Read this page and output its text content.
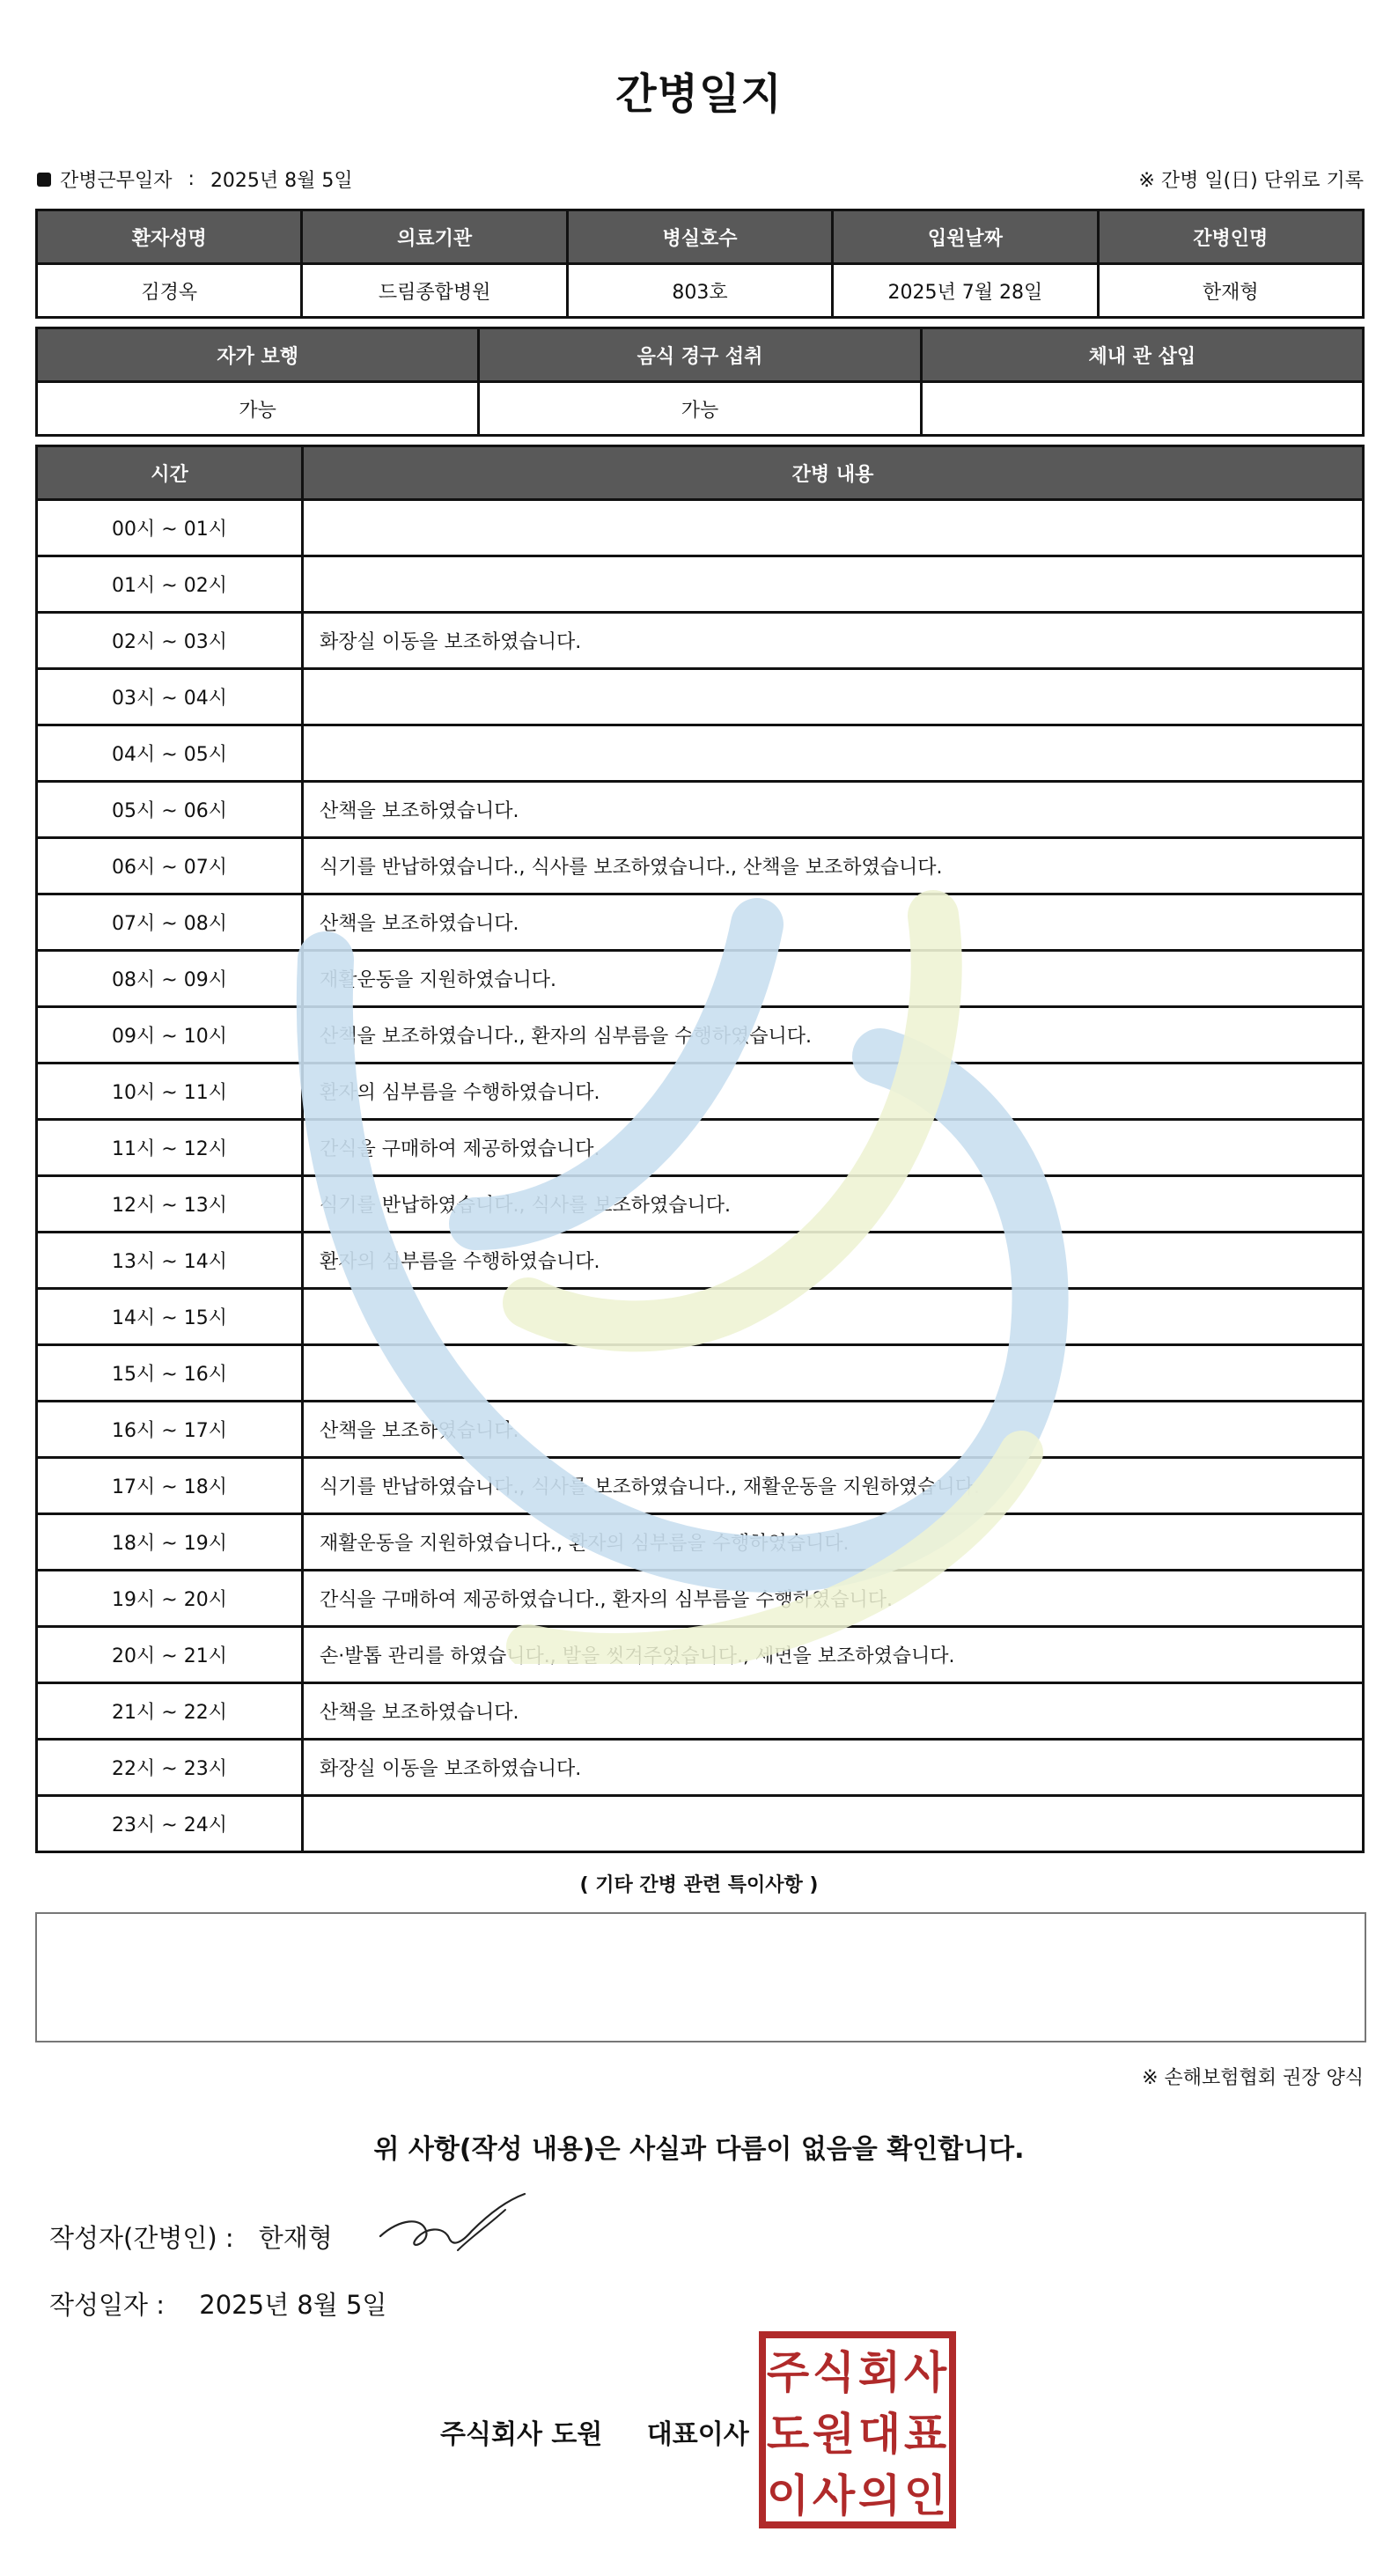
간병일지
간병근무일자 : 2025년 8월 5일	※ 간병 일(日) 단위로 기록
환자성명	의료기관	병실호수	입원날짜	간병인명
김경옥	드림종합병원	803호	2025년 7월 28일	한재형
자가 보행	음식 경구 섭취	체내 관 삽입
가능	가능	
시간	간병 내용
00시 ~ 01시	
01시 ~ 02시	
02시 ~ 03시	화장실 이동을 보조하였습니다.
03시 ~ 04시	
04시 ~ 05시	
05시 ~ 06시	산책을 보조하였습니다.
06시 ~ 07시	식기를 반납하였습니다., 식사를 보조하였습니다., 산책을 보조하였습니다.
07시 ~ 08시	산책을 보조하였습니다.
08시 ~ 09시	재활운동을 지원하였습니다.
09시 ~ 10시	산책을 보조하였습니다., 환자의 심부름을 수행하였습니다.
10시 ~ 11시	환자의 심부름을 수행하였습니다.
11시 ~ 12시	간식을 구매하여 제공하였습니다.
12시 ~ 13시	식기를 반납하였습니다., 식사를 보조하였습니다.
13시 ~ 14시	환자의 심부름을 수행하였습니다.
14시 ~ 15시	
15시 ~ 16시	
16시 ~ 17시	산책을 보조하였습니다.
17시 ~ 18시	식기를 반납하였습니다., 식사를 보조하였습니다., 재활운동을 지원하였습니다.
18시 ~ 19시	재활운동을 지원하였습니다., 환자의 심부름을 수행하였습니다.
19시 ~ 20시	간식을 구매하여 제공하였습니다., 환자의 심부름을 수행하였습니다.
20시 ~ 21시	손·발톱 관리를 하였습니다., 발을 씻겨주었습니다., 세면을 보조하였습니다.
21시 ~ 22시	산책을 보조하였습니다.
22시 ~ 23시	화장실 이동을 보조하였습니다.
23시 ~ 24시	
( 기타 간병 관련 특이사항 )
※ 손해보험협회 권장 양식
위 사항(작성 내용)은 사실과 다름이 없음을 확인합니다.
작성자(간병인) : 한재형
작성일자 : 2025년 8월 5일
주식회사 도원 대표이사
주 식 회 사
도 원 대 표
이 사 의 인
